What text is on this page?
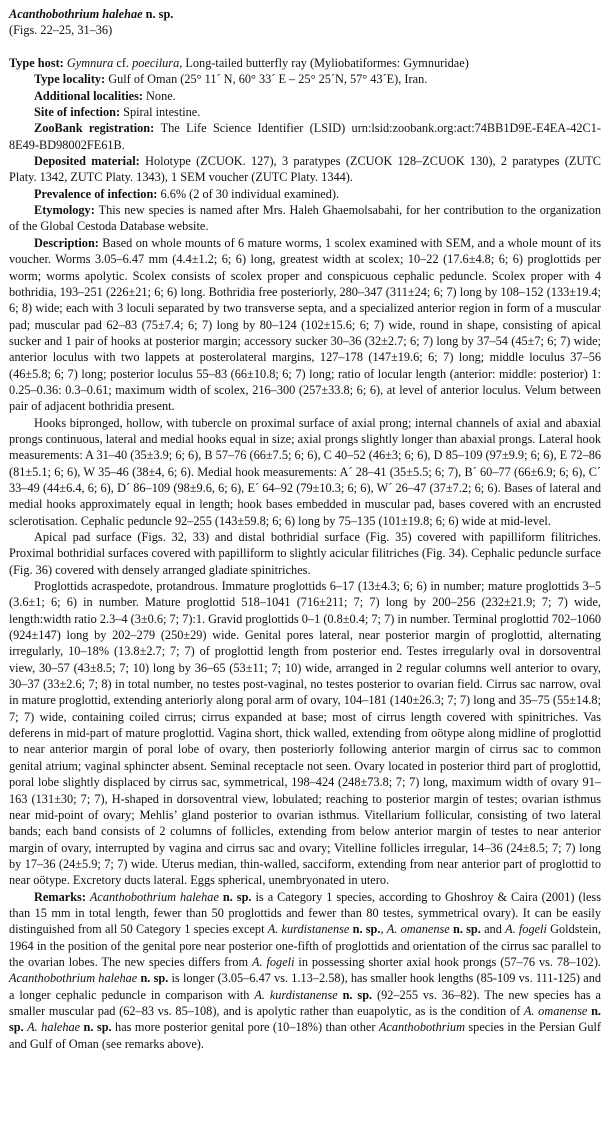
Acanthobothrium halehae n. sp.

(Figs. 22–25, 31–36)

Type host: Gymnura cf. poecilura, Long-tailed butterfly ray (Myliobatiformes: Gymnuridae)

Type locality: Gulf of Oman (25° 11´ N, 60° 33´ E – 25° 25´N, 57° 43´E), Iran.

Additional localities: None.

Site of infection: Spiral intestine.

ZooBank registration: The Life Science Identifier (LSID) urn:lsid:zoobank.org:act:74BB1D9E-E4EA-42C1-8E49-BD98002FE61B.

Deposited material: Holotype (ZCUOK. 127), 3 paratypes (ZCUOK 128–ZCUOK 130), 2 paratypes (ZUTC Platy. 1342, ZUTC Platy. 1343), 1 SEM voucher (ZUTC Platy. 1344).

Prevalence of infection: 6.6% (2 of 30 individual examined).

Etymology: This new species is named after Mrs. Haleh Ghaemolsabahi, for her contribution to the organization of the Global Cestoda Database website.

Description: Based on whole mounts of 6 mature worms, 1 scolex examined with SEM, and a whole mount of its voucher. Worms 3.05–6.47 mm (4.4±1.2; 6; 6) long, greatest width at scolex; 10–22 (17.6±4.8; 6; 6) proglottids per worm; worms apolytic. Scolex consists of scolex proper and conspicuous cephalic peduncle. Scolex proper with 4 bothridia, 193–251 (226±21; 6; 6) long. Bothridia free posteriorly, 280–347 (311±24; 6; 7) long by 108–152 (133±19.4; 6; 8) wide; each with 3 loculi separated by two transverse septa, and a specialized anterior region in form of a muscular pad; muscular pad 62–83 (75±7.4; 6; 7) long by 80–124 (102±15.6; 6; 7) wide, round in shape, consisting of apical sucker and 1 pair of hooks at posterior margin; accessory sucker 30–36 (32±2.7; 6; 7) long by 37–54 (45±7; 6; 7) wide; anterior loculus with two lappets at posterolateral margins, 127–178 (147±19.6; 6; 7) long; middle loculus 37–56 (46±5.8; 6; 7) long; posterior loculus 55–83 (66±10.8; 6; 7) long; ratio of locular length (anterior: middle: posterior) 1: 0.25–0.36: 0.3–0.61; maximum width of scolex, 216–300 (257±33.8; 6; 6), at level of anterior loculus. Velum between pair of adjacent bothridia present.

Hooks bipronged, hollow, with tubercle on proximal surface of axial prong; internal channels of axial and abaxial prongs continuous, lateral and medial hooks equal in size; axial prongs slightly longer than abaxial prongs. Lateral hook measurements: A 31–40 (35±3.9; 6; 6), B 57–76 (66±7.5; 6; 6), C 40–52 (46±3; 6; 6), D 85–109 (97±9.9; 6; 6), E 72–86 (81±5.1; 6; 6), W 35–46 (38±4, 6; 6). Medial hook measurements: A´ 28–41 (35±5.5; 6; 7), B´ 60–77 (66±6.9; 6; 6), C´ 33–49 (44±6.4, 6; 6), D´ 86–109 (98±9.6, 6; 6), E´ 64–92 (79±10.3; 6; 6), W´ 26–47 (37±7.2; 6; 6). Bases of lateral and medial hooks approximately equal in length; hook bases embedded in muscular pad, bases covered with an encrusted sclerotisation. Cephalic peduncle 92–255 (143±59.8; 6; 6) long by 75–135 (101±19.8; 6; 6) wide at mid-level.

Apical pad surface (Figs. 32, 33) and distal bothridial surface (Fig. 35) covered with papilliform filitriches. Proximal bothridial surfaces covered with papilliform to slightly acicular filitriches (Fig. 34). Cephalic peduncle surface (Fig. 36) covered with densely arranged gladiate spinitriches.

Proglottids acraspedote, protandrous. Immature proglottids 6–17 (13±4.3; 6; 6) in number; mature proglottids 3–5 (3.6±1; 6; 6) in number. Mature proglottid 518–1041 (716±211; 7; 7) long by 200–256 (232±21.9; 7; 7) wide, length:width ratio 2.3–4 (3±0.6; 7; 7):1. Gravid proglottids 0–1 (0.8±0.4; 7; 7) in number. Terminal proglottid 702–1060 (924±147) long by 202–279 (250±29) wide. Genital pores lateral, near posterior margin of proglottid, alternating irregularly, 10–18% (13.8±2.7; 7; 7) of proglottid length from posterior end. Testes irregularly oval in dorsoventral view, 30–57 (43±8.5; 7; 10) long by 36–65 (53±11; 7; 10) wide, arranged in 2 regular columns well anterior to ovary, 30–37 (33±2.6; 7; 8) in total number, no testes post-vaginal, no testes posterior to ovarian field. Cirrus sac narrow, oval in mature proglottid, extending anteriorly along poral arm of ovary, 104–181 (140±26.3; 7; 7) long and 35–75 (55±14.8; 7; 7) wide, containing coiled cirrus; cirrus expanded at base; most of cirrus length covered with spinitriches. Vas deferens in mid-part of mature proglottid. Vagina short, thick walled, extending from oötype along midline of proglottid to near anterior margin of poral lobe of ovary, then posteriorly following anterior margin of cirrus sac to common genital atrium; vaginal sphincter absent. Seminal receptacle not seen. Ovary located in posterior third part of proglottid, poral lobe slightly displaced by cirrus sac, symmetrical, 198–424 (248±73.8; 7; 7) long, maximum width of ovary 91–163 (131±30; 7; 7), H-shaped in dorsoventral view, lobulated; reaching to posterior margin of testes; ovarian isthmus near mid-point of ovary; Mehlis’ gland posterior to ovarian isthmus. Vitellarium follicular, consisting of two lateral bands; each band consists of 2 columns of follicles, extending from below anterior margin of testes to near anterior margin of ovary, interrupted by vagina and cirrus sac and ovary; Vitelline follicles irregular, 14–36 (24±8.5; 7; 7) long by 17–36 (24±5.9; 7; 7) wide. Uterus median, thin-walled, sacciform, extending from near anterior part of proglottid to near oötype. Excretory ducts lateral. Eggs spherical, unembryonated in utero.

Remarks: Acanthobothrium halehae n. sp. is a Category 1 species, according to Ghoshroy & Caira (2001) (less than 15 mm in total length, fewer than 50 proglottids and fewer than 80 testes, symmetrical ovary). It can be easily distinguished from all 50 Category 1 species except A. kurdistanense n. sp., A. omanense n. sp. and A. fogeli Goldstein, 1964 in the position of the genital pore near posterior one-fifth of proglottids and orientation of the cirrus sac parallel to the ovarian lobes. The new species differs from A. fogeli in possessing shorter axial hook prongs (57–76 vs. 78–102). Acanthobothrium halehae n. sp. is longer (3.05–6.47 vs. 1.13–2.58), has smaller hook lengths (85-109 vs. 111-125) and a longer cephalic peduncle in comparison with A. kurdistanense n. sp. (92–255 vs. 36–82). The new species has a smaller muscular pad (62–83 vs. 85–108), and is apolytic rather than euapolytic, as is the condition of A. omanense n. sp. A. halehae n. sp. has more posterior genital pore (10–18%) than other Acanthobothrium species in the Persian Gulf and Gulf of Oman (see remarks above).
